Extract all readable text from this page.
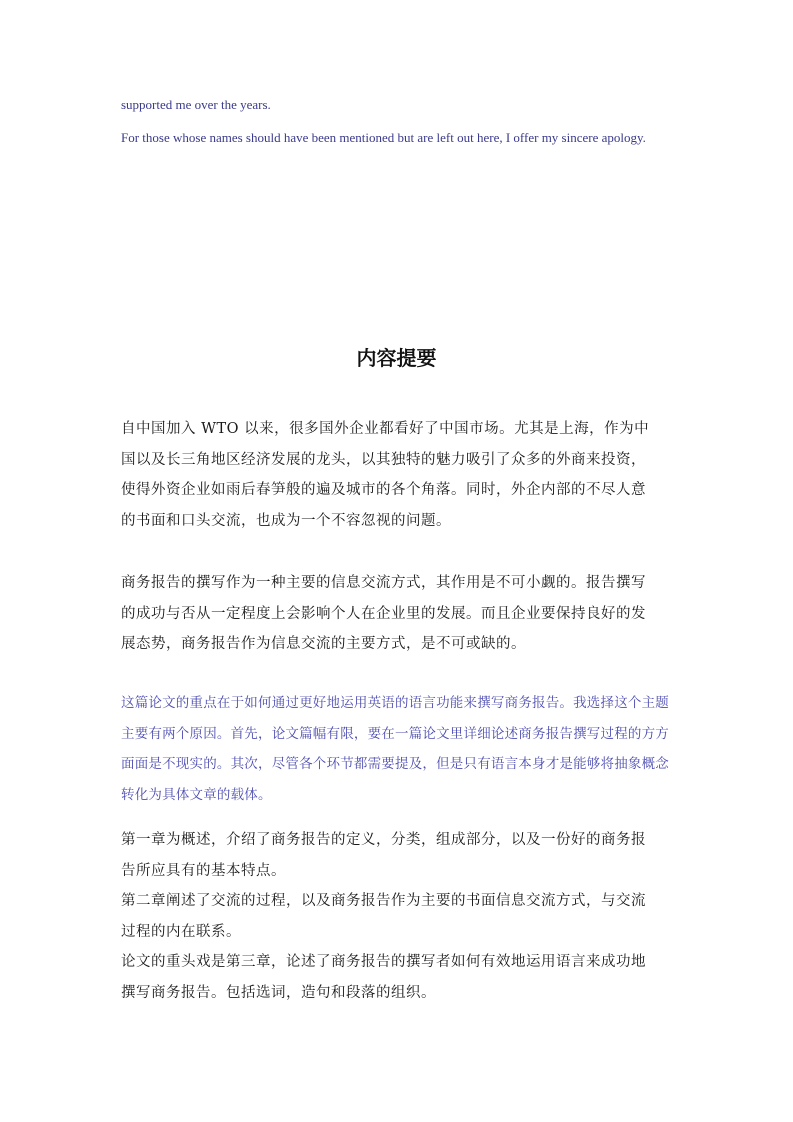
supported me over the years.

For those whose names should have been mentioned but are left out here, I offer my sincere apology.

内容提要

自中国加入 WTO 以来，很多国外企业都看好了中国市场。尤其是上海，作为中
国以及长三角地区经济发展的龙头，以其独特的魅力吸引了众多的外商来投资，
使得外资企业如雨后春笋般的遍及城市的各个角落。同时，外企内部的不尽人意
的书面和口头交流，也成为一个不容忽视的问题。

商务报告的撰写作为一种主要的信息交流方式，其作用是不可小觑的。报告撰写
的成功与否从一定程度上会影响个人在企业里的发展。而且企业要保持良好的发
展态势，商务报告作为信息交流的主要方式，是不可或缺的。

这篇论文的重点在于如何通过更好地运用英语的语言功能来撰写商务报告。我选择这个主题
主要有两个原因。首先，论文篇幅有限，要在一篇论文里详细论述商务报告撰写过程的方方
面面是不现实的。其次，尽管各个环节都需要提及，但是只有语言本身才是能够将抽象概念
转化为具体文章的载体。

第一章为概述，介绍了商务报告的定义，分类，组成部分，以及一份好的商务报
告所应具有的基本特点。
第二章阐述了交流的过程，以及商务报告作为主要的书面信息交流方式，与交流
过程的内在联系。
论文的重头戏是第三章，论述了商务报告的撰写者如何有效地运用语言来成功地
撰写商务报告。包括选词，造句和段落的组织。
